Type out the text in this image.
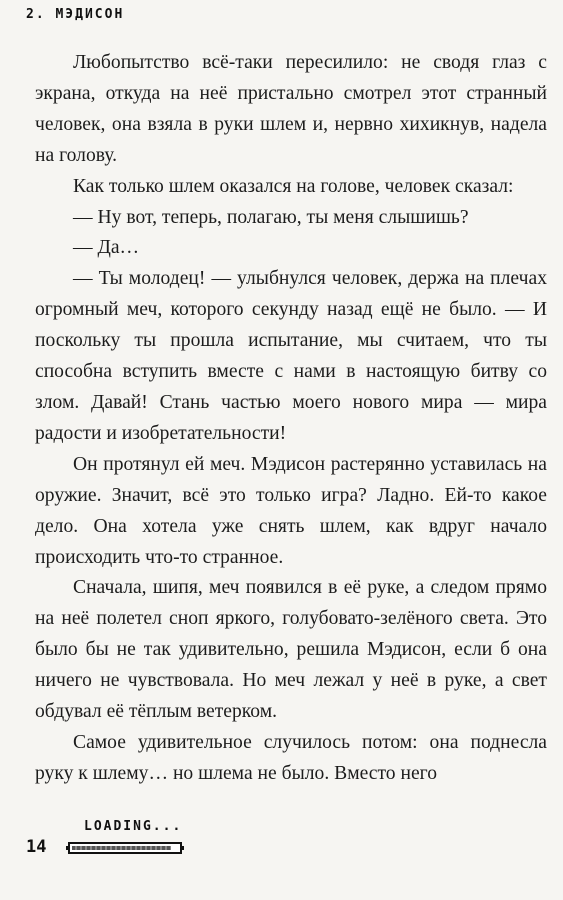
2. МЭДИСОН

Любопытство всё-таки пересилило: не сводя глаз с экрана, откуда на неё пристально смотрел этот странный человек, она взяла в руки шлем и, нервно хихикнув, надела на голову.

Как только шлем оказался на голове, человек сказал:

— Ну вот, теперь, полагаю, ты меня слышишь?

— Да…

— Ты молодец! — улыбнулся человек, держа на плечах огромный меч, которого секунду назад ещё не было. — И поскольку ты прошла испытание, мы считаем, что ты способна вступить вместе с нами в настоящую битву со злом. Давай! Стань частью моего нового мира — мира радости и изобретательности!

Он протянул ей меч. Мэдисон растерянно уставилась на оружие. Значит, всё это только игра? Ладно. Ей-то какое дело. Она хотела уже снять шлем, как вдруг начало происходить что-то странное.

Сначала, шипя, меч появился в её руке, а следом прямо на неё полетел сноп яркого, голубовато-зелёного света. Это было бы не так удивительно, решила Мэдисон, если б она ничего не чувствовала. Но меч лежал у неё в руке, а свет обдувал её тёплым ветерком.

Самое удивительное случилось потом: она поднесла руку к шлему… но шлема не было. Вместо него

14
LOADING...
